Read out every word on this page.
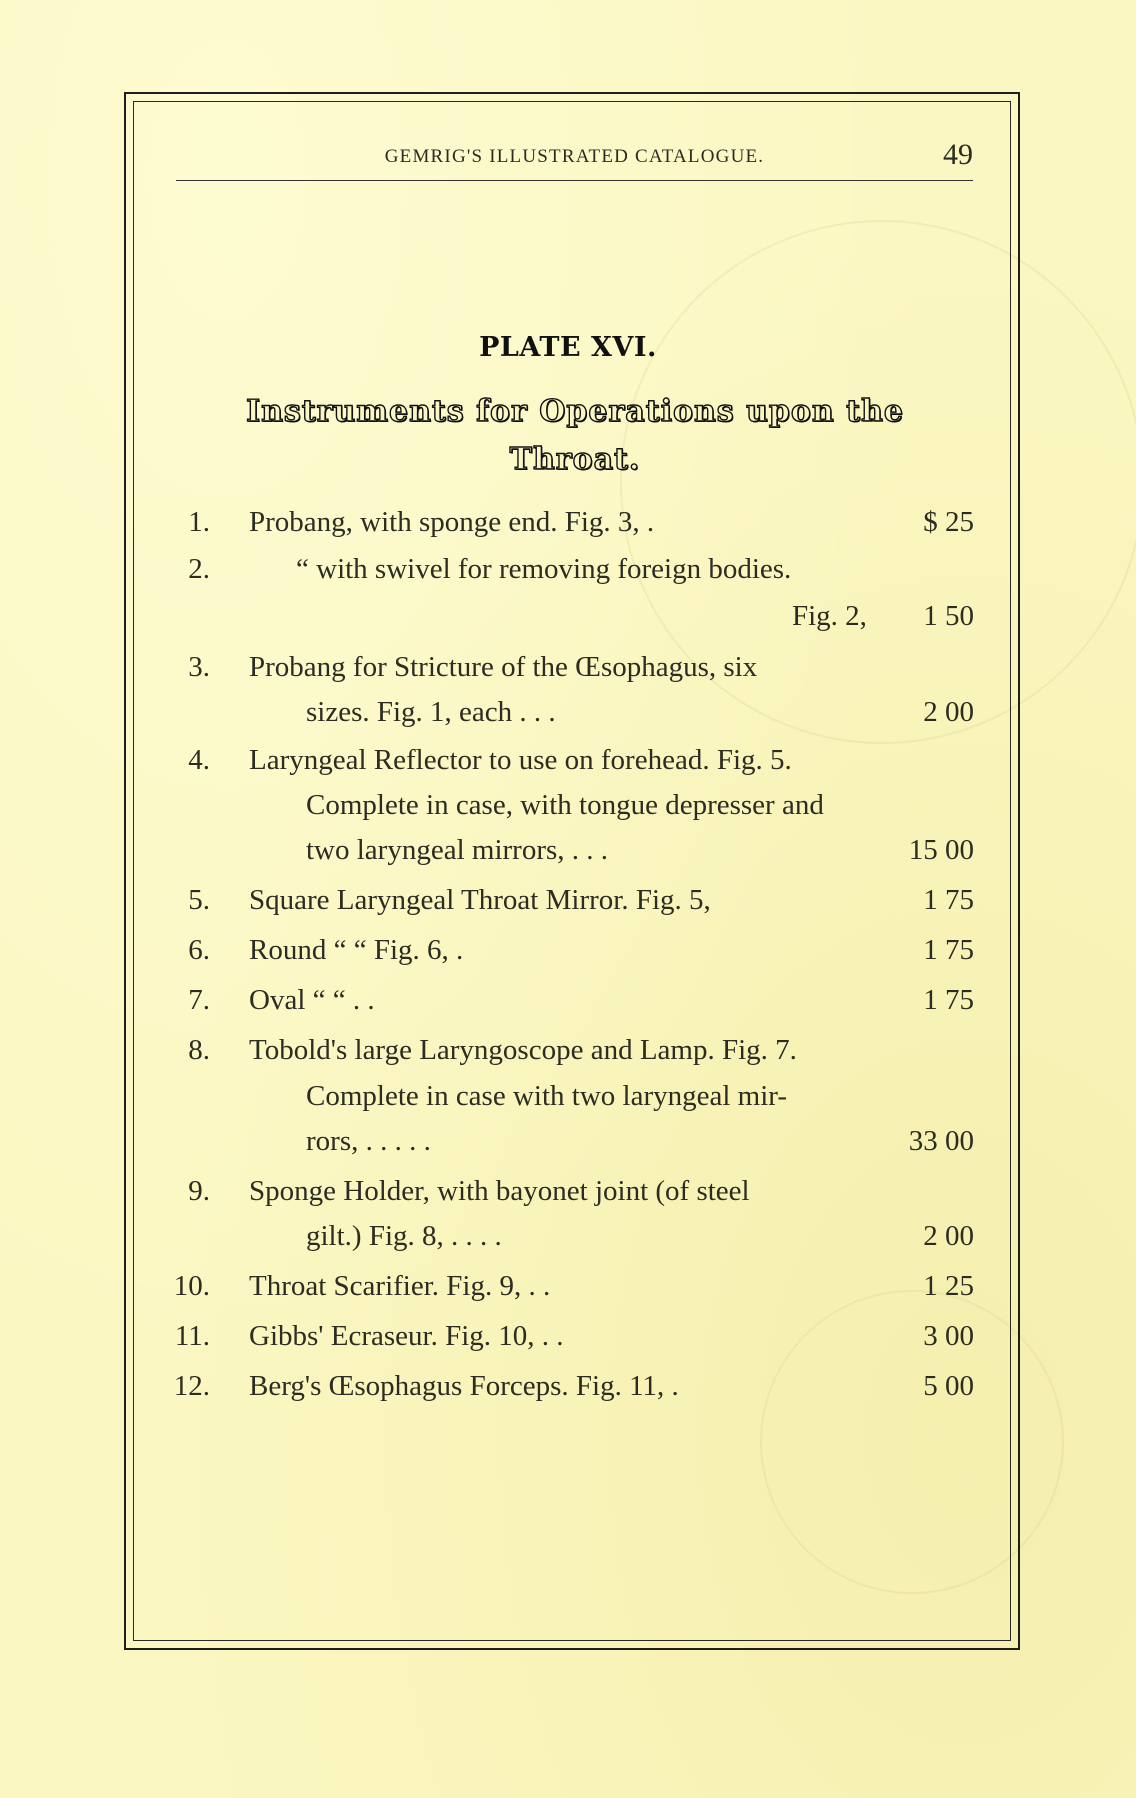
GEMRIG'S ILLUSTRATED CATALOGUE.	49
PLATE XVI.
Instruments for Operations upon the
Throat.
1. Probang, with sponge end. Fig. 3, .	$ 25
2.	“ with swivel for removing foreign bodies.
Fig. 2, 1 50
3. Probang for Stricture of the Œsophagus, six
sizes. Fig. 1, each . . .	2 00
4. Laryngeal Reflector to use on forehead. Fig. 5.
Complete in case, with tongue depresser and
two laryngeal mirrors, . . .	15 00
5. Square Laryngeal Throat Mirror. Fig. 5,	1 75
6. Round “ “ Fig. 6, .	1 75
7. Oval “ “ . .	1 75
8. Tobold's large Laryngoscope and Lamp. Fig. 7.
Complete in case with two laryngeal mir-
rors, . . . . .	33 00
9. Sponge Holder, with bayonet joint (of steel
gilt.) Fig. 8, . . . .	2 00
10. Throat Scarifier. Fig. 9, . .	1 25
11. Gibbs' Ecraseur. Fig. 10, . .	3 00
12. Berg's Œsophagus Forceps. Fig. 11, .	5 00
